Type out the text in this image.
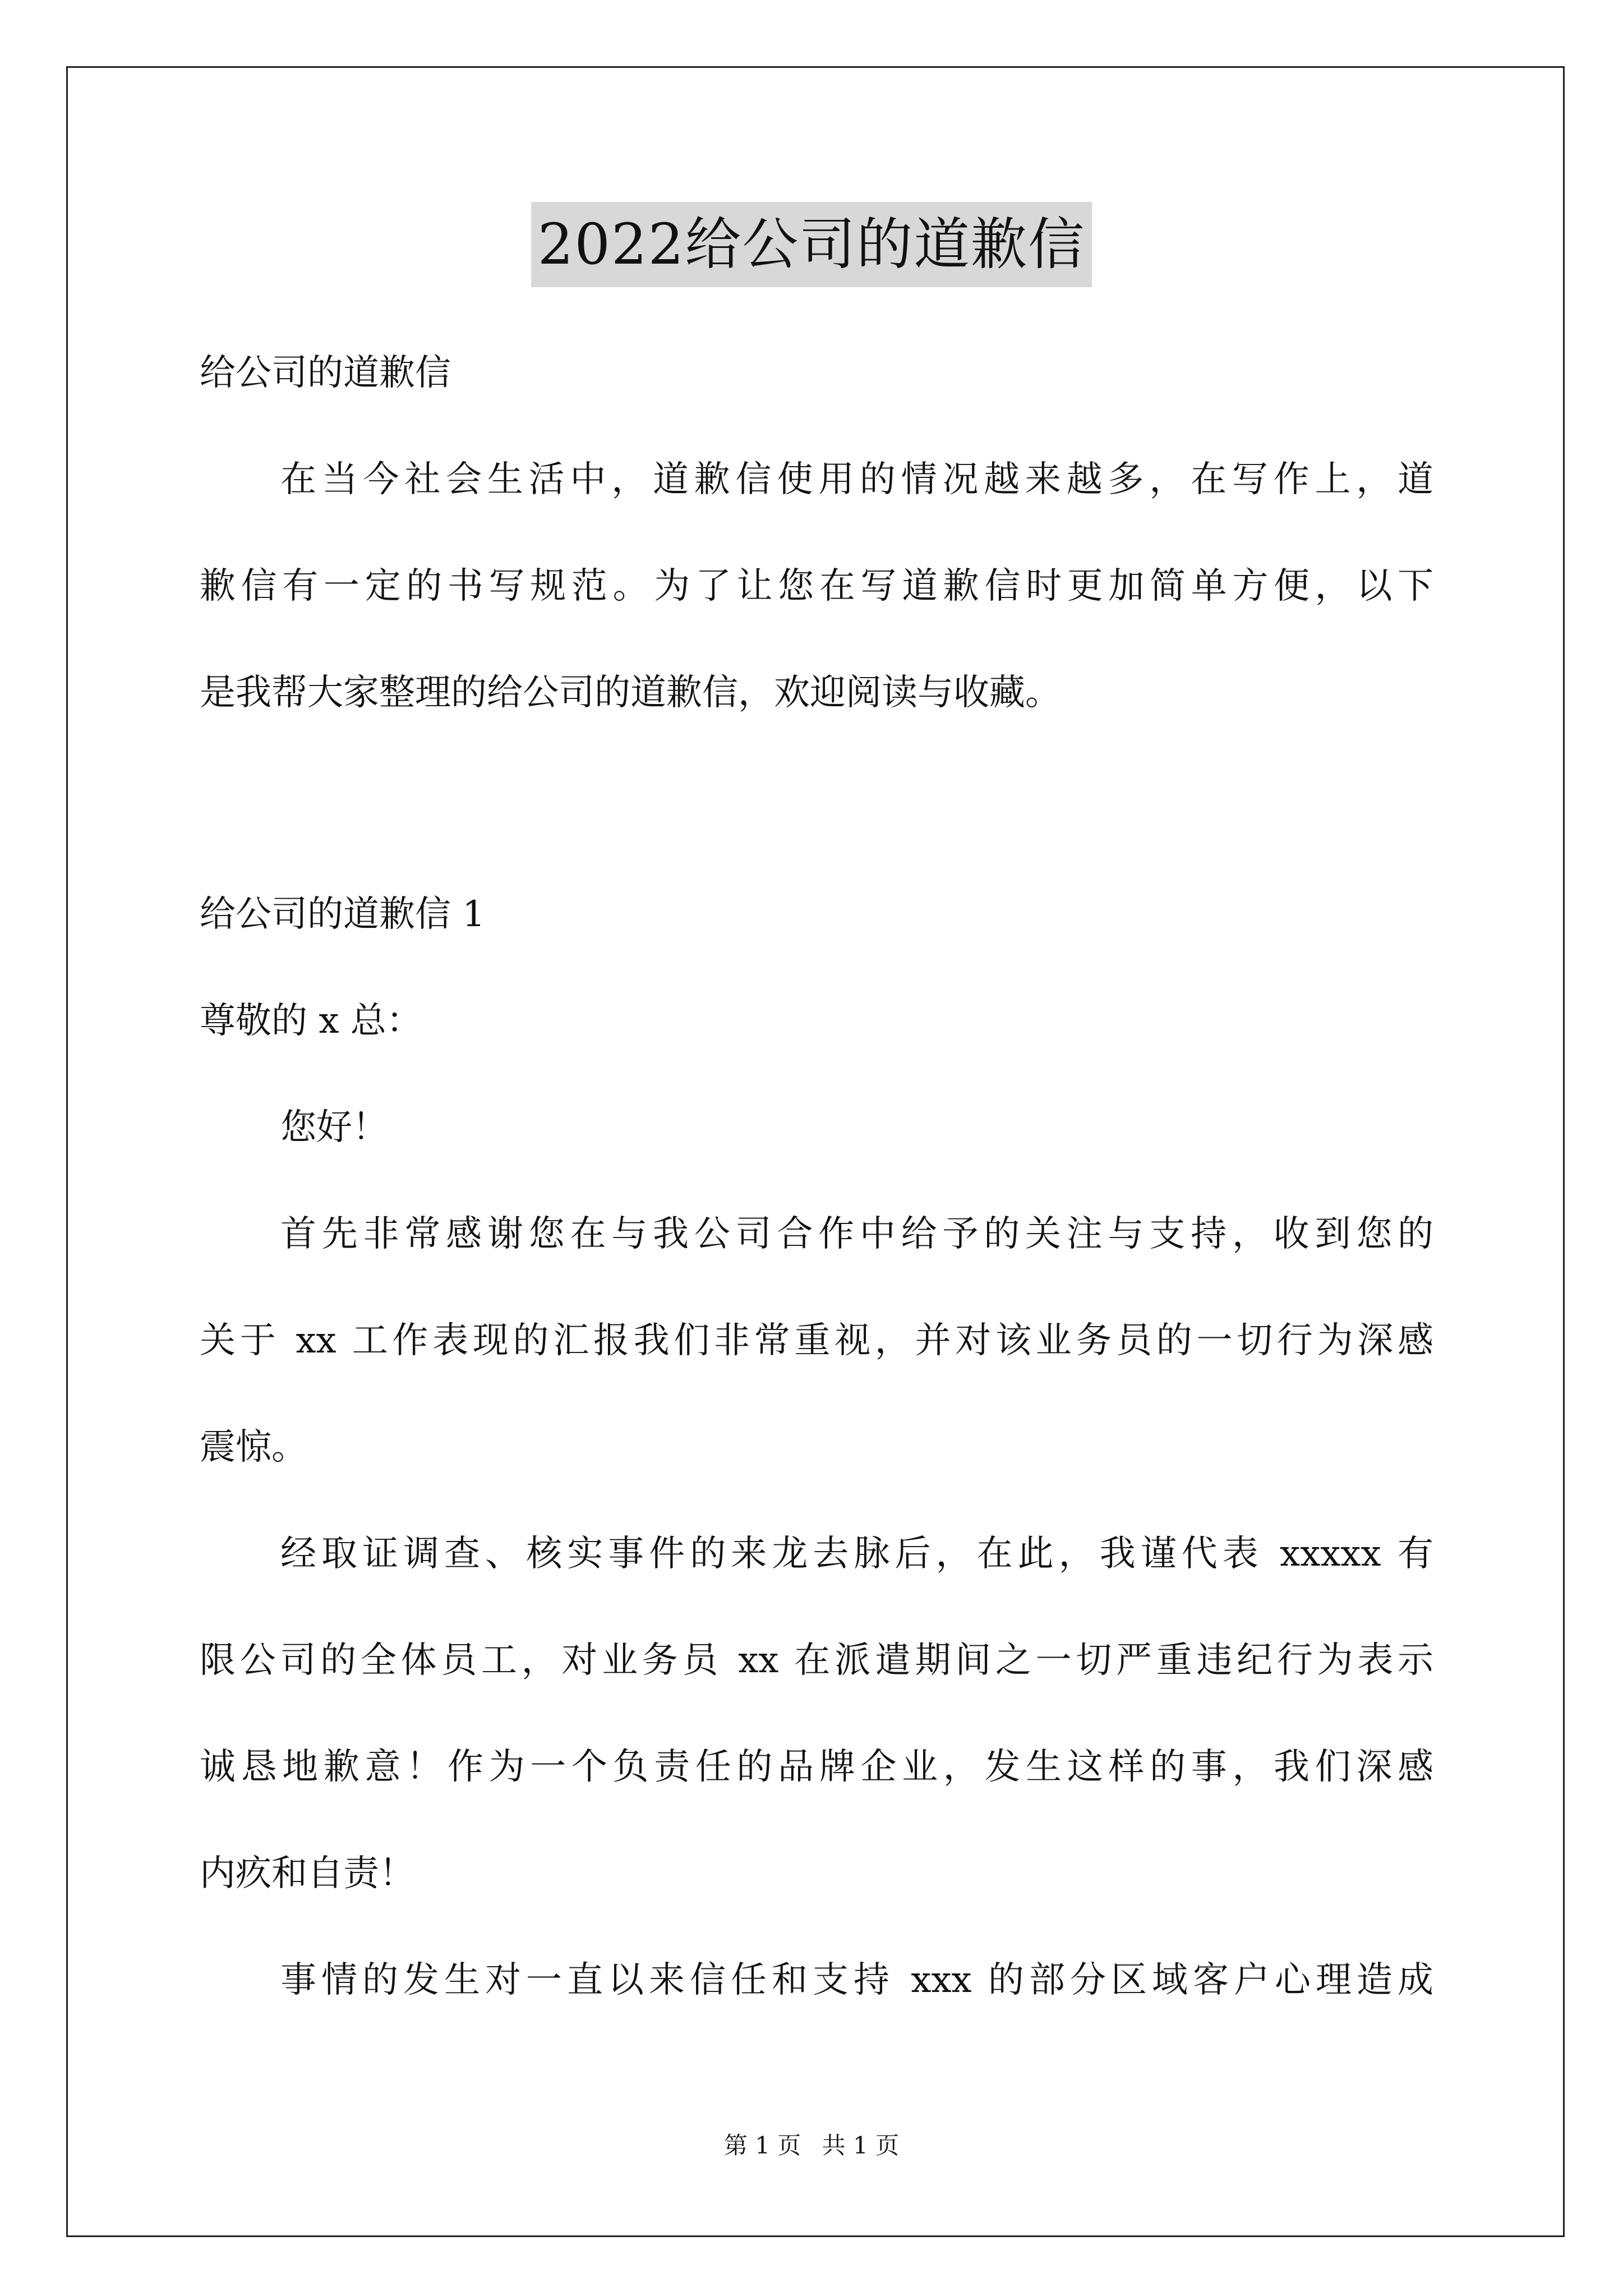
2022给公司的道歉信
给公司的道歉信
在当今社会生活中，道歉信使用的情况越来越多，在写作上，道
歉信有一定的书写规范。为了让您在写道歉信时更加简单方便，以下
是我帮大家整理的给公司的道歉信，欢迎阅读与收藏。
给公司的道歉信 1
尊敬的 x 总：
您好！
首先非常感谢您在与我公司合作中给予的关注与支持，收到您的
关于 xx 工作表现的汇报我们非常重视，并对该业务员的一切行为深感
震惊。
经取证调查、核实事件的来龙去脉后，在此，我谨代表 xxxxx 有
限公司的全体员工，对业务员 xx 在派遣期间之一切严重违纪行为表示
诚恳地歉意！作为一个负责任的品牌企业，发生这样的事，我们深感
内疚和自责！
事情的发生对一直以来信任和支持 xxx 的部分区域客户心理造成
第 1 页 共 1 页
